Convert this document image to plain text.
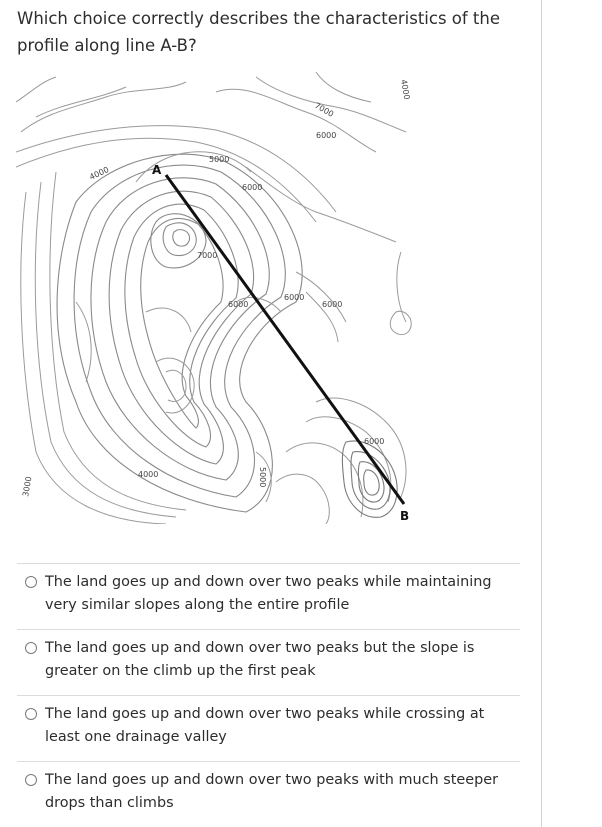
Which choice correctly describes the characteristics of the profile along line A-B?
7000
6000
5000
6000
4000
7000
6000
6000
6000
6000
4000	5000
3000
4000
A
B
The land goes up and down over two peaks while maintaining very similar slopes along the entire profile
The land goes up and down over two peaks but the slope is greater on the climb up the first peak
The land goes up and down over two peaks while crossing at least one drainage valley
The land goes up and down over two peaks with much steeper drops than climbs
